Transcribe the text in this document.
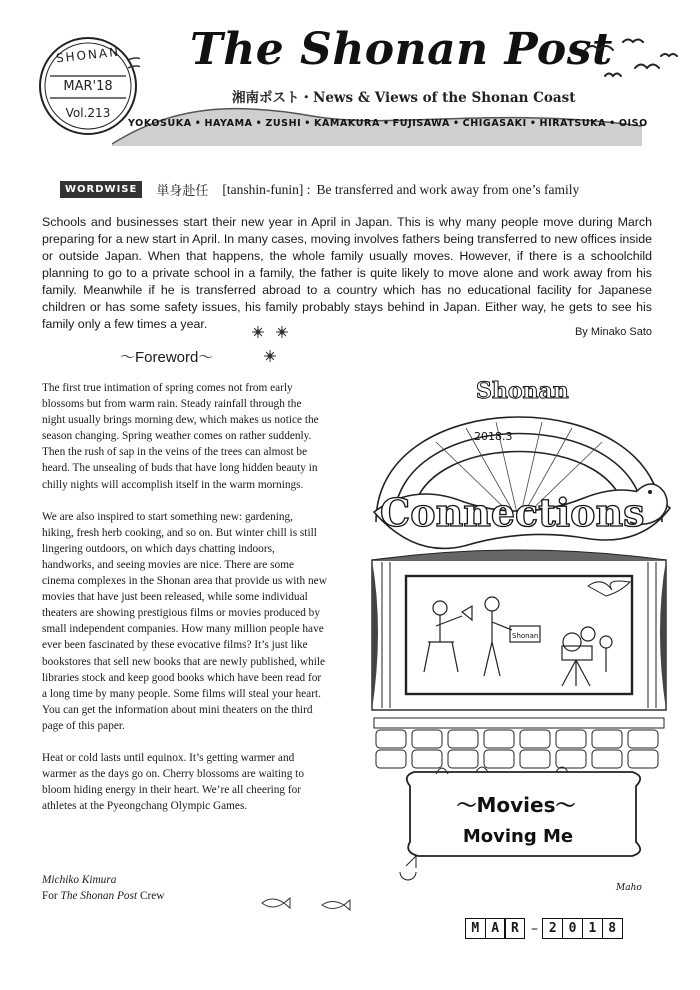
SHONAN
MAR'18
Vol.213
The Shonan Post
湘南ポスト・News & Views of the Shonan Coast
YOKOSUKA • HAYAMA • ZUSHI • KAMAKURA • FUJISAWA • CHIGASAKI • HIRATSUKA • OISO
WORDWISE	単身赴任 [tanshin-funin] : Be transferred and work away from one’s family

Schools and businesses start their new year in April in Japan. This is why many people move during March preparing for a new start in April. In many cases, moving involves fathers being transferred to new offices inside or outside Japan. When that happens, the whole family usually moves. However, if there is a schoolchild planning to go to a private school in a family, the father is quite likely to move alone and work away from his family. Meanwhile if he is transferred abroad to a country which has no educational facility for Japanese children or has some safety issues, his family probably stays behind in Japan. Either way, he gets to see his family only a few times a year.

By Minako Sato
〜Foreword〜

The first true intimation of spring comes not from early blossoms but from warm rain. Steady rainfall through the night usually brings morning dew, which makes us notice the season changing. Spring weather comes on rather suddenly. Then the rush of sap in the veins of the trees can almost be heard. The unsealing of buds that have long hidden beauty in chilly nights will accomplish itself in the warm mornings.

We are also inspired to start something new: gardening, hiking, fresh herb cooking, and so on. But winter chill is still lingering outdoors, on which days chatting indoors, handworks, and seeing movies are nice. There are some cinema complexes in the Shonan area that provide us with new movies that have just been released, while some individual theaters are showing prestigious films or movies produced by small independent companies. How many million people have ever been fascinated by these evocative films? It’s just like bookstores that sell new books that are newly published, while libraries stock and keep good books which have been read for a long time by many people. Some films will steal your heart. You can get the information about mini theaters on the third page of this paper.

Heat or cold lasts until equinox. It’s getting warmer and warmer as the days go on. Cherry blossoms are waiting to bloom hiding energy in their heart. We’re all cheering for athletes at the Pyeongchang Olympic Games.

Michiko Kimura
For The Shonan Post Crew
Shonan
2018.3
Connections
Shonan
〜Movies〜
Moving Me
Maho
M A R – 2 0 1 8
